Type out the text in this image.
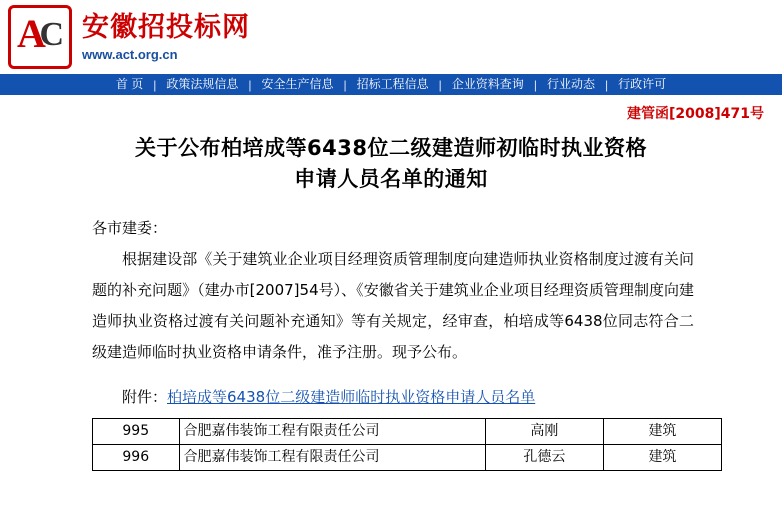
A
C 安徽招投标网
www.act.org.cn
首 页 | 政策法规信息 | 安全生产信息 | 招标工程信息 | 企业资料查询 | 行业动态 | 行政许可
建管函[2008]471号
关于公布柏培成等6438位二级建造师初临时执业资格
申请人员名单的通知
各市建委：
根据建设部《关于建筑业企业项目经理资质管理制度向建造师执业资格制度过渡有关问题的补充问题》（建办市[2007]54号）、《安徽省关于建筑业企业项目经理资质管理制度向建造师执业资格过渡有关问题补充通知》等有关规定，经审查，柏培成等6438位同志符合二级建造师临时执业资格申请条件，准予注册。现予公布。
附件：柏培成等6438位二级建造师临时执业资格申请人员名单
995	合肥嘉伟装饰工程有限责任公司	高刚	建筑
996	合肥嘉伟装饰工程有限责任公司	孔德云	建筑
